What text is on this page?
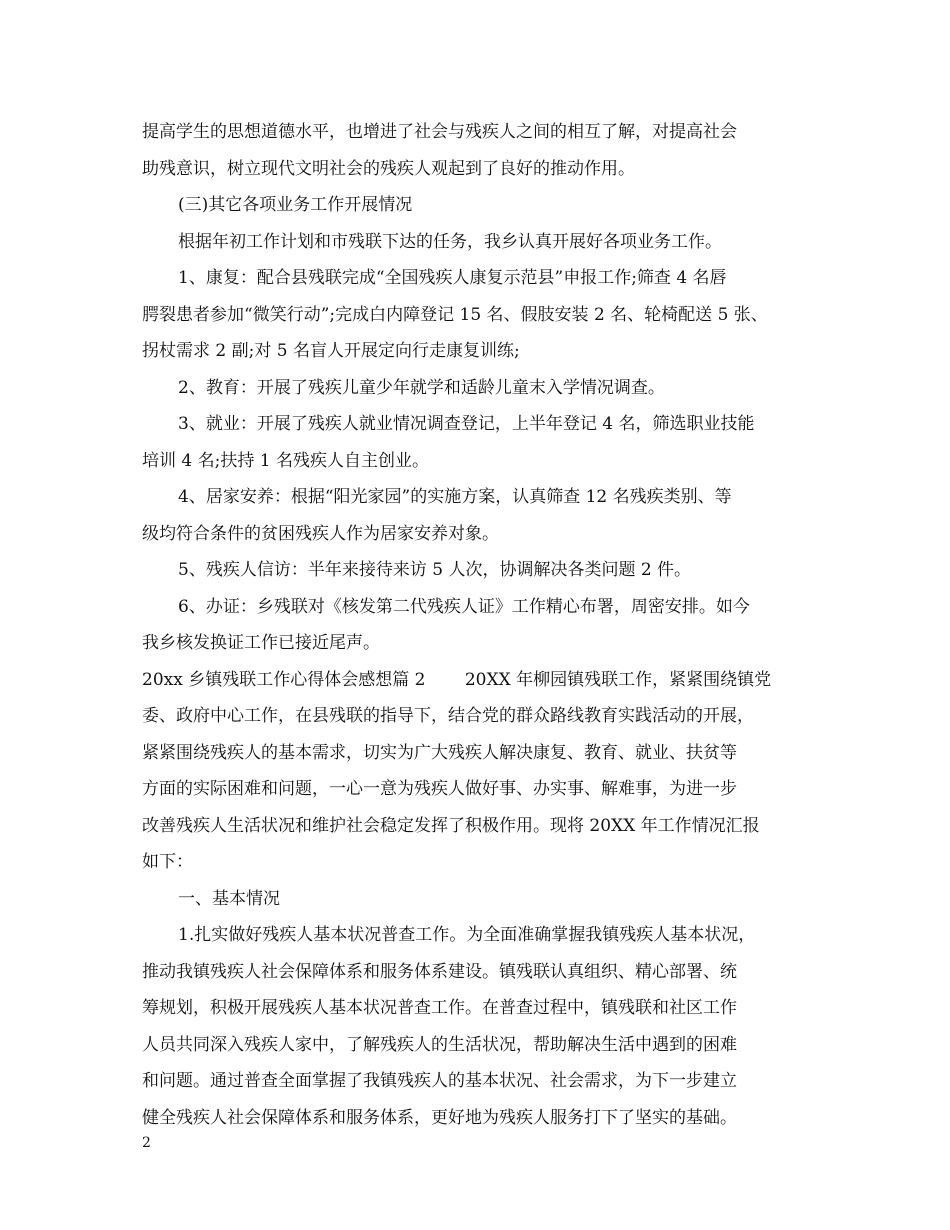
提高学生的思想道德水平，也增进了社会与残疾人之间的相互了解，对提高社会
助残意识，树立现代文明社会的残疾人观起到了良好的推动作用。
(三)其它各项业务工作开展情况
根据年初工作计划和市残联下达的任务，我乡认真开展好各项业务工作。
1、康复：配合县残联完成“全国残疾人康复示范县”申报工作;筛查 4 名唇
腭裂患者参加“微笑行动”;完成白内障登记 15 名、假肢安装 2 名、轮椅配送 5 张、
拐杖需求 2 副;对 5 名盲人开展定向行走康复训练;
2、教育：开展了残疾儿童少年就学和适龄儿童末入学情况调查。
3、就业：开展了残疾人就业情况调查登记，上半年登记 4 名，筛选职业技能
培训 4 名;扶持 1 名残疾人自主创业。
4、居家安养：根据“阳光家园”的实施方案，认真筛查 12 名残疾类别、等
级均符合条件的贫困残疾人作为居家安养对象。
5、残疾人信访：半年来接待来访 5 人次，协调解决各类问题 2 件。
6、办证：乡残联对《核发第二代残疾人证》工作精心布署，周密安排。如今
我乡核发换证工作已接近尾声。
20xx 乡镇残联工作心得体会感想篇 2　　 20XX 年柳园镇残联工作，紧紧围绕镇党
委、政府中心工作，在县残联的指导下，结合党的群众路线教育实践活动的开展，
紧紧围绕残疾人的基本需求，切实为广大残疾人解决康复、教育、就业、扶贫等
方面的实际困难和问题，一心一意为残疾人做好事、办实事、解难事，为进一步
改善残疾人生活状况和维护社会稳定发挥了积极作用。现将 20XX 年工作情况汇报
如下：
一、基本情况
1.扎实做好残疾人基本状况普查工作。为全面准确掌握我镇残疾人基本状况，
推动我镇残疾人社会保障体系和服务体系建设。镇残联认真组织、精心部署、统
筹规划，积极开展残疾人基本状况普查工作。在普查过程中，镇残联和社区工作
人员共同深入残疾人家中，了解残疾人的生活状况，帮助解决生活中遇到的困难
和问题。通过普查全面掌握了我镇残疾人的基本状况、社会需求，为下一步建立
健全残疾人社会保障体系和服务体系，更好地为残疾人服务打下了坚实的基础。
2
